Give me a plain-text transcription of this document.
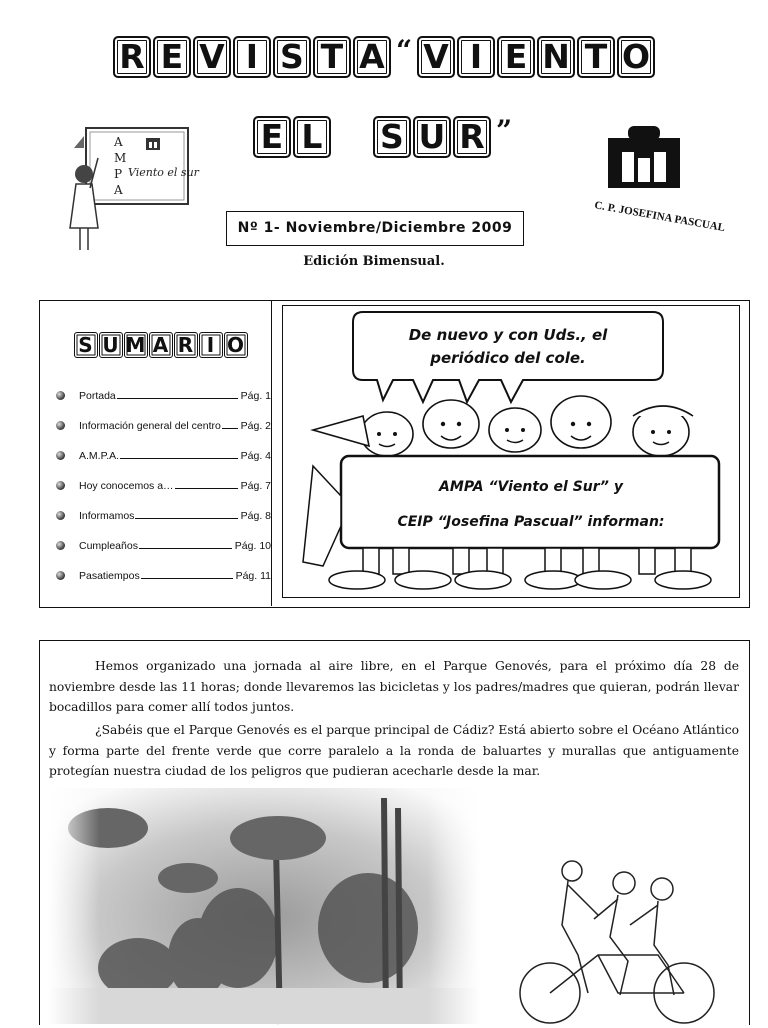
R E V I S T A “ V I E N T O
E L S U R ”
A
M
P
A
Viento el sur
C. P. JOSEFINA PASCUAL
Nº 1- Noviembre/Diciembre 2009
Edición Bimensual.
S U M A R I O
Portada	Pág. 1
Información general del centro Pág. 2
A.M.P.A.	Pág. 4
Hoy conocemos a…	Pág. 7
Informamos	Pág. 8
Cumpleaños	Pág. 10
Pasatiempos	Pág. 11
De nuevo y con Uds., el
periódico del cole.
AMPA “Viento el Sur” y
CEIP “Josefina Pascual” informan:
Hemos organizado una jornada al aire libre, en el Parque Genovés, para el próximo día 28 de noviembre desde las 11 horas; donde llevaremos las bicicletas y los padres/madres que quieran, podrán llevar bocadillos para comer allí todos juntos.
¿Sabéis que el Parque Genovés es el parque principal de Cádiz? Está abierto sobre el Océano Atlántico y forma parte del frente verde que corre paralelo a la ronda de baluartes y murallas que antiguamente protegían nuestra ciudad de los peligros que pudieran acecharle desde la mar.
